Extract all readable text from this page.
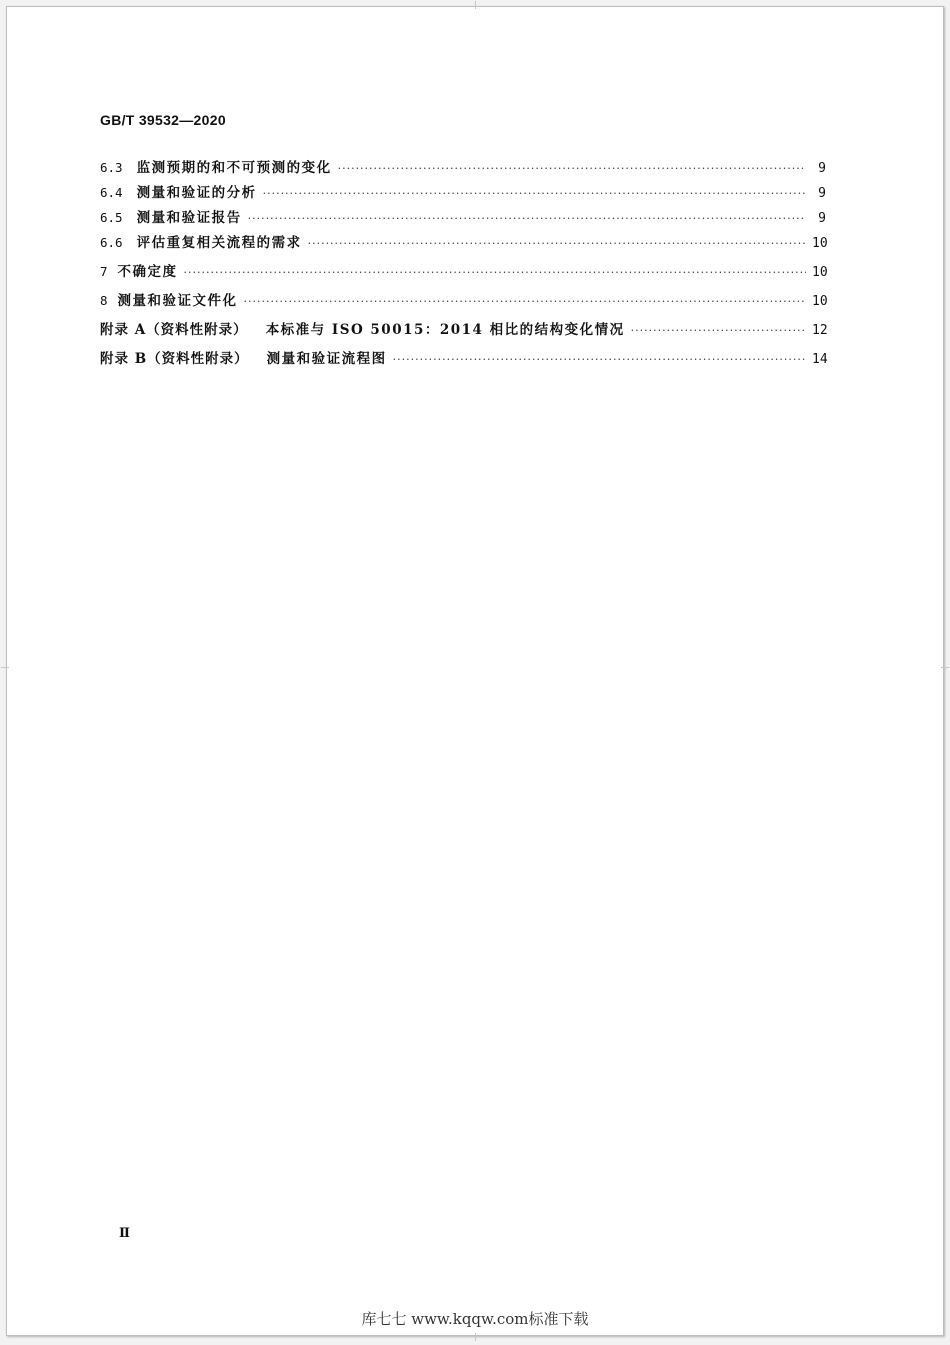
GB/T 39532—2020
6.3 监测预期的和不可预测的变化 ·····	9
6.4 测量和验证的分析 ·····	9
6.5 测量和验证报告 ·····	9
6.6 评估重复相关流程的需求 ·····	10
7 不确定度 ·····	10
8 测量和验证文件化 ·····	10
附录 A（资料性附录） 本标准与 ISO 50015：2014 相比的结构变化情况 ·····	12
附录 B（资料性附录） 测量和验证流程图 ·····	14
Ⅱ
库七七 www.kqqw.com标准下载
